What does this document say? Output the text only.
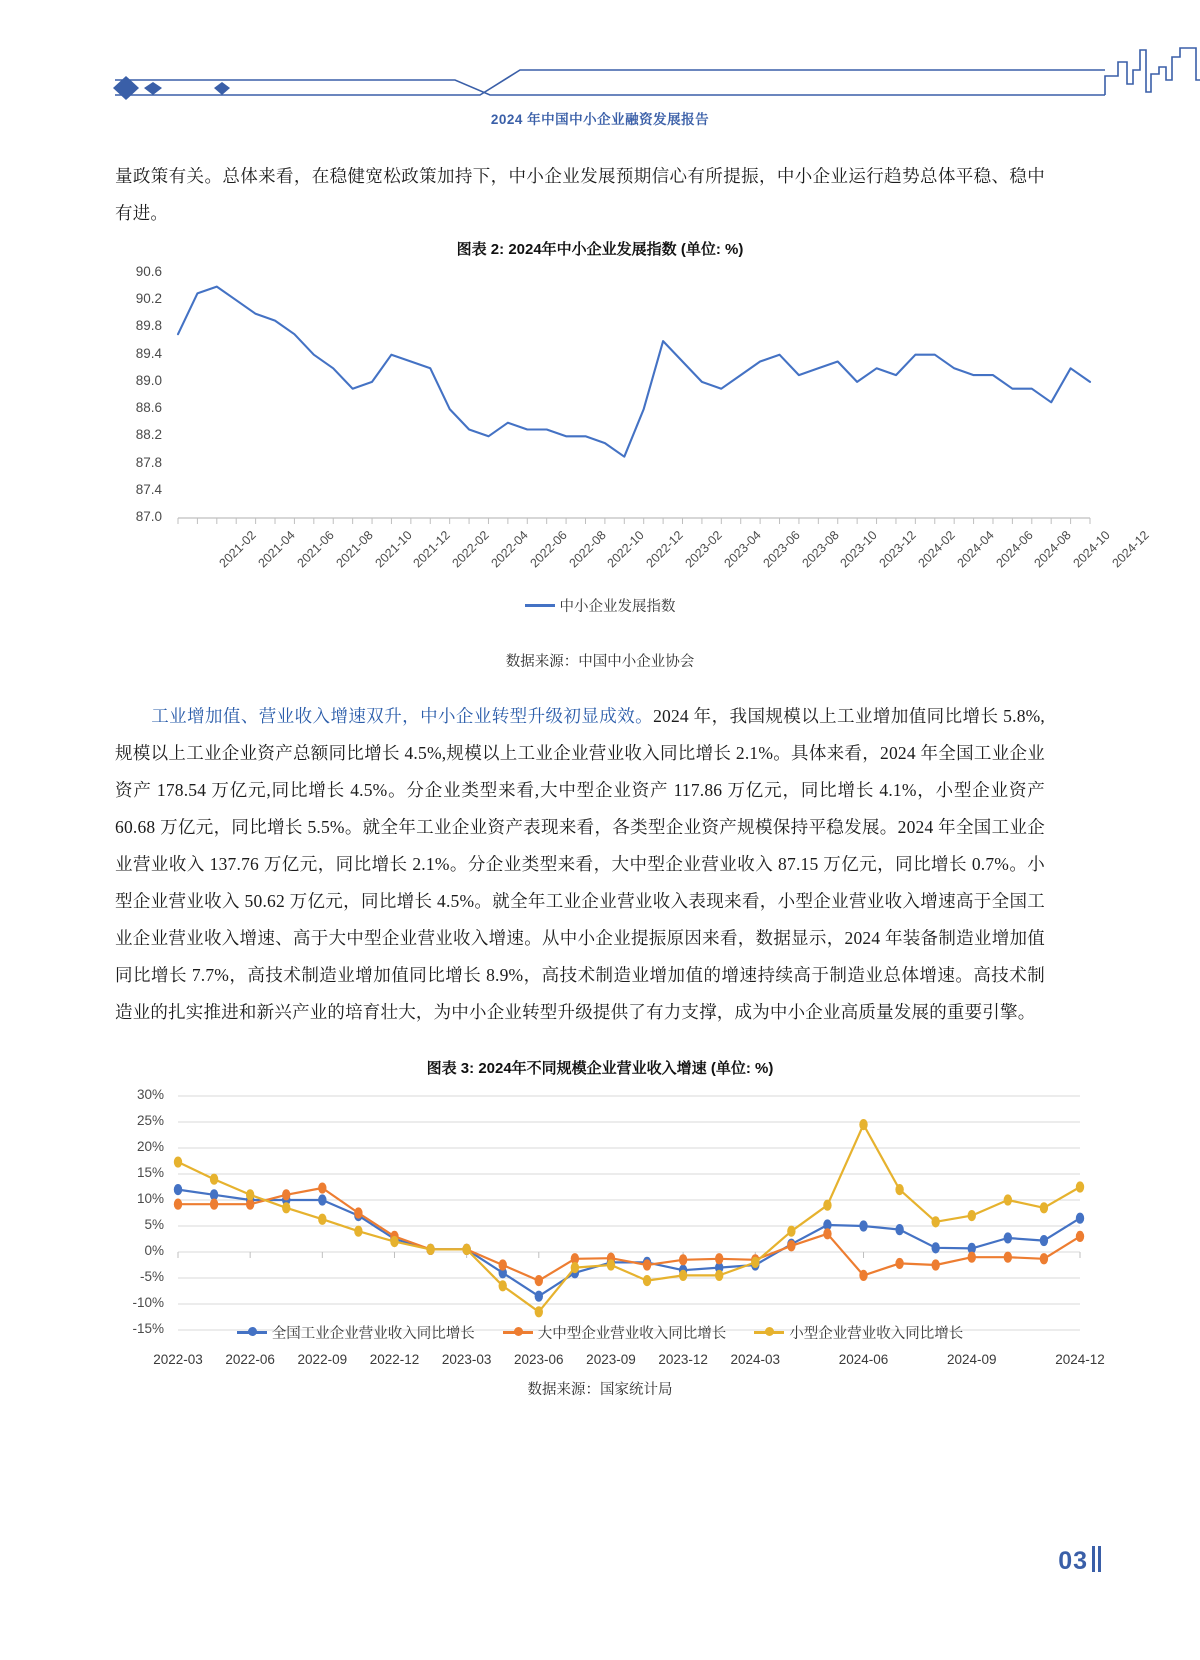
2024 年中国中小企业融资发展报告
量政策有关。总体来看，在稳健宽松政策加持下，中小企业发展预期信心有所提振，中小企业运行趋势总体平稳、稳中有进。
图表 2: 2024年中小企业发展指数 (单位: %)
90.6
90.2
89.8
89.4
89.0
88.6
88.2
87.8
87.4
87.0
2021-02
2021-04
2021-06
2021-08
2021-10
2021-12
2022-02
2022-04
2022-06
2022-08
2022-10
2022-12
2023-02
2023-04
2023-06
2023-08
2023-10
2023-12
2024-02
2024-04
2024-06
2024-08
2024-10
2024-12
中小企业发展指数
数据来源：中国中小企业协会
工业增加值、营业收入增速双升，中小企业转型升级初显成效。2024 年，我国规模以上工业增加值同比增长 5.8%,规模以上工业企业资产总额同比增长 4.5%,规模以上工业企业营业收入同比增长 2.1%。具体来看，2024 年全国工业企业资产 178.54 万亿元,同比增长 4.5%。分企业类型来看,大中型企业资产 117.86 万亿元，同比增长 4.1%，小型企业资产 60.68 万亿元，同比增长 5.5%。就全年工业企业资产表现来看，各类型企业资产规模保持平稳发展。2024 年全国工业企业营业收入 137.76 万亿元，同比增长 2.1%。分企业类型来看，大中型企业营业收入 87.15 万亿元，同比增长 0.7%。小型企业营业收入 50.62 万亿元，同比增长 4.5%。就全年工业企业营业收入表现来看，小型企业营业收入增速高于全国工业企业营业收入增速、高于大中型企业营业收入增速。从中小企业提振原因来看，数据显示，2024 年装备制造业增加值同比增长 7.7%，高技术制造业增加值同比增长 8.9%，高技术制造业增加值的增速持续高于制造业总体增速。高技术制造业的扎实推进和新兴产业的培育壮大，为中小企业转型升级提供了有力支撑，成为中小企业高质量发展的重要引擎。
图表 3: 2024年不同规模企业营业收入增速 (单位: %)
30%
25%
20%
15%
10%
5%
0%
-5%
-10%
-15%
2022-03 2022-06 2022-09 2022-12 2023-03 2023-06 2023-09 2023-12 2024-03	2024-06	2024-09	2024-12
全国工业企业营业收入同比增长	大中型企业营业收入同比增长	小型企业营业收入同比增长
数据来源：国家统计局
03
